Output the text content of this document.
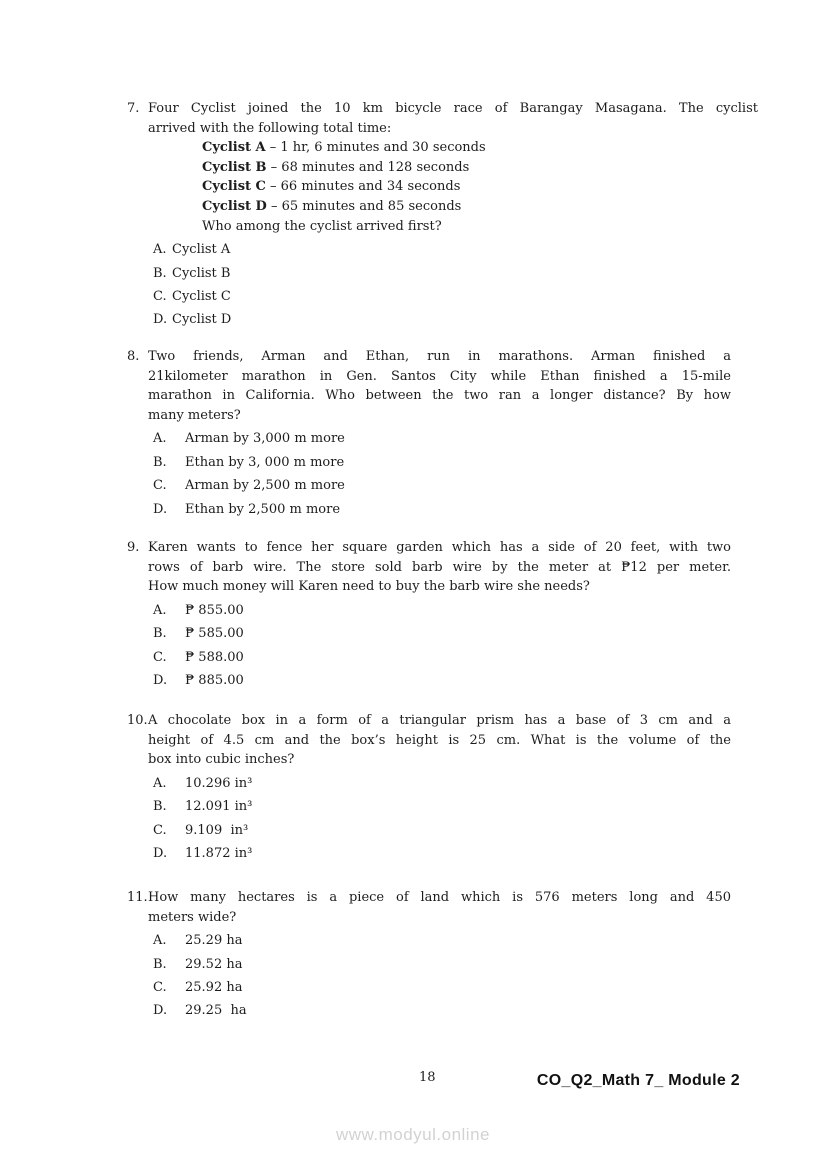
7. Four Cyclist joined the 10 km bicycle race of Barangay Masagana. The cyclist
arrived with the following total time:
Cyclist A – 1 hr, 6 minutes and 30 seconds
Cyclist B – 68 minutes and 128 seconds
Cyclist C – 66 minutes and 34 seconds
Cyclist D – 65 minutes and 85 seconds
Who among the cyclist arrived first?
A. Cyclist A
B. Cyclist B
C. Cyclist C
D. Cyclist D
8. Two friends, Arman and Ethan, run in marathons. Arman finished a
21kilometer marathon in Gen. Santos City while Ethan finished a 15-mile
marathon in California. Who between the two ran a longer distance? By how
many meters?
A.	Arman by 3,000 m more
B.	Ethan by 3, 000 m more
C.	Arman by 2,500 m more
D.	Ethan by 2,500 m more
9. Karen wants to fence her square garden which has a side of 20 feet, with two
rows of barb wire. The store sold barb wire by the meter at ₱12 per meter.
How much money will Karen need to buy the barb wire she needs?
A.	₱ 855.00
B.	₱ 585.00
C.	₱ 588.00
D.	₱ 885.00
10. A chocolate box in a form of a triangular prism has a base of 3 cm and a
height of 4.5 cm and the box’s height is 25 cm. What is the volume of the
box into cubic inches?
A.	10.296 in³
B.	12.091 in³
C.	9.109  in³
D.	11.872 in³
11. How many hectares is a piece of land which is 576 meters long and 450
meters wide?
A.	25.29 ha
B.	29.52 ha
C.	25.92 ha
D.	29.25  ha
18	CO_Q2_Math 7_ Module 2
www.modyul.online
